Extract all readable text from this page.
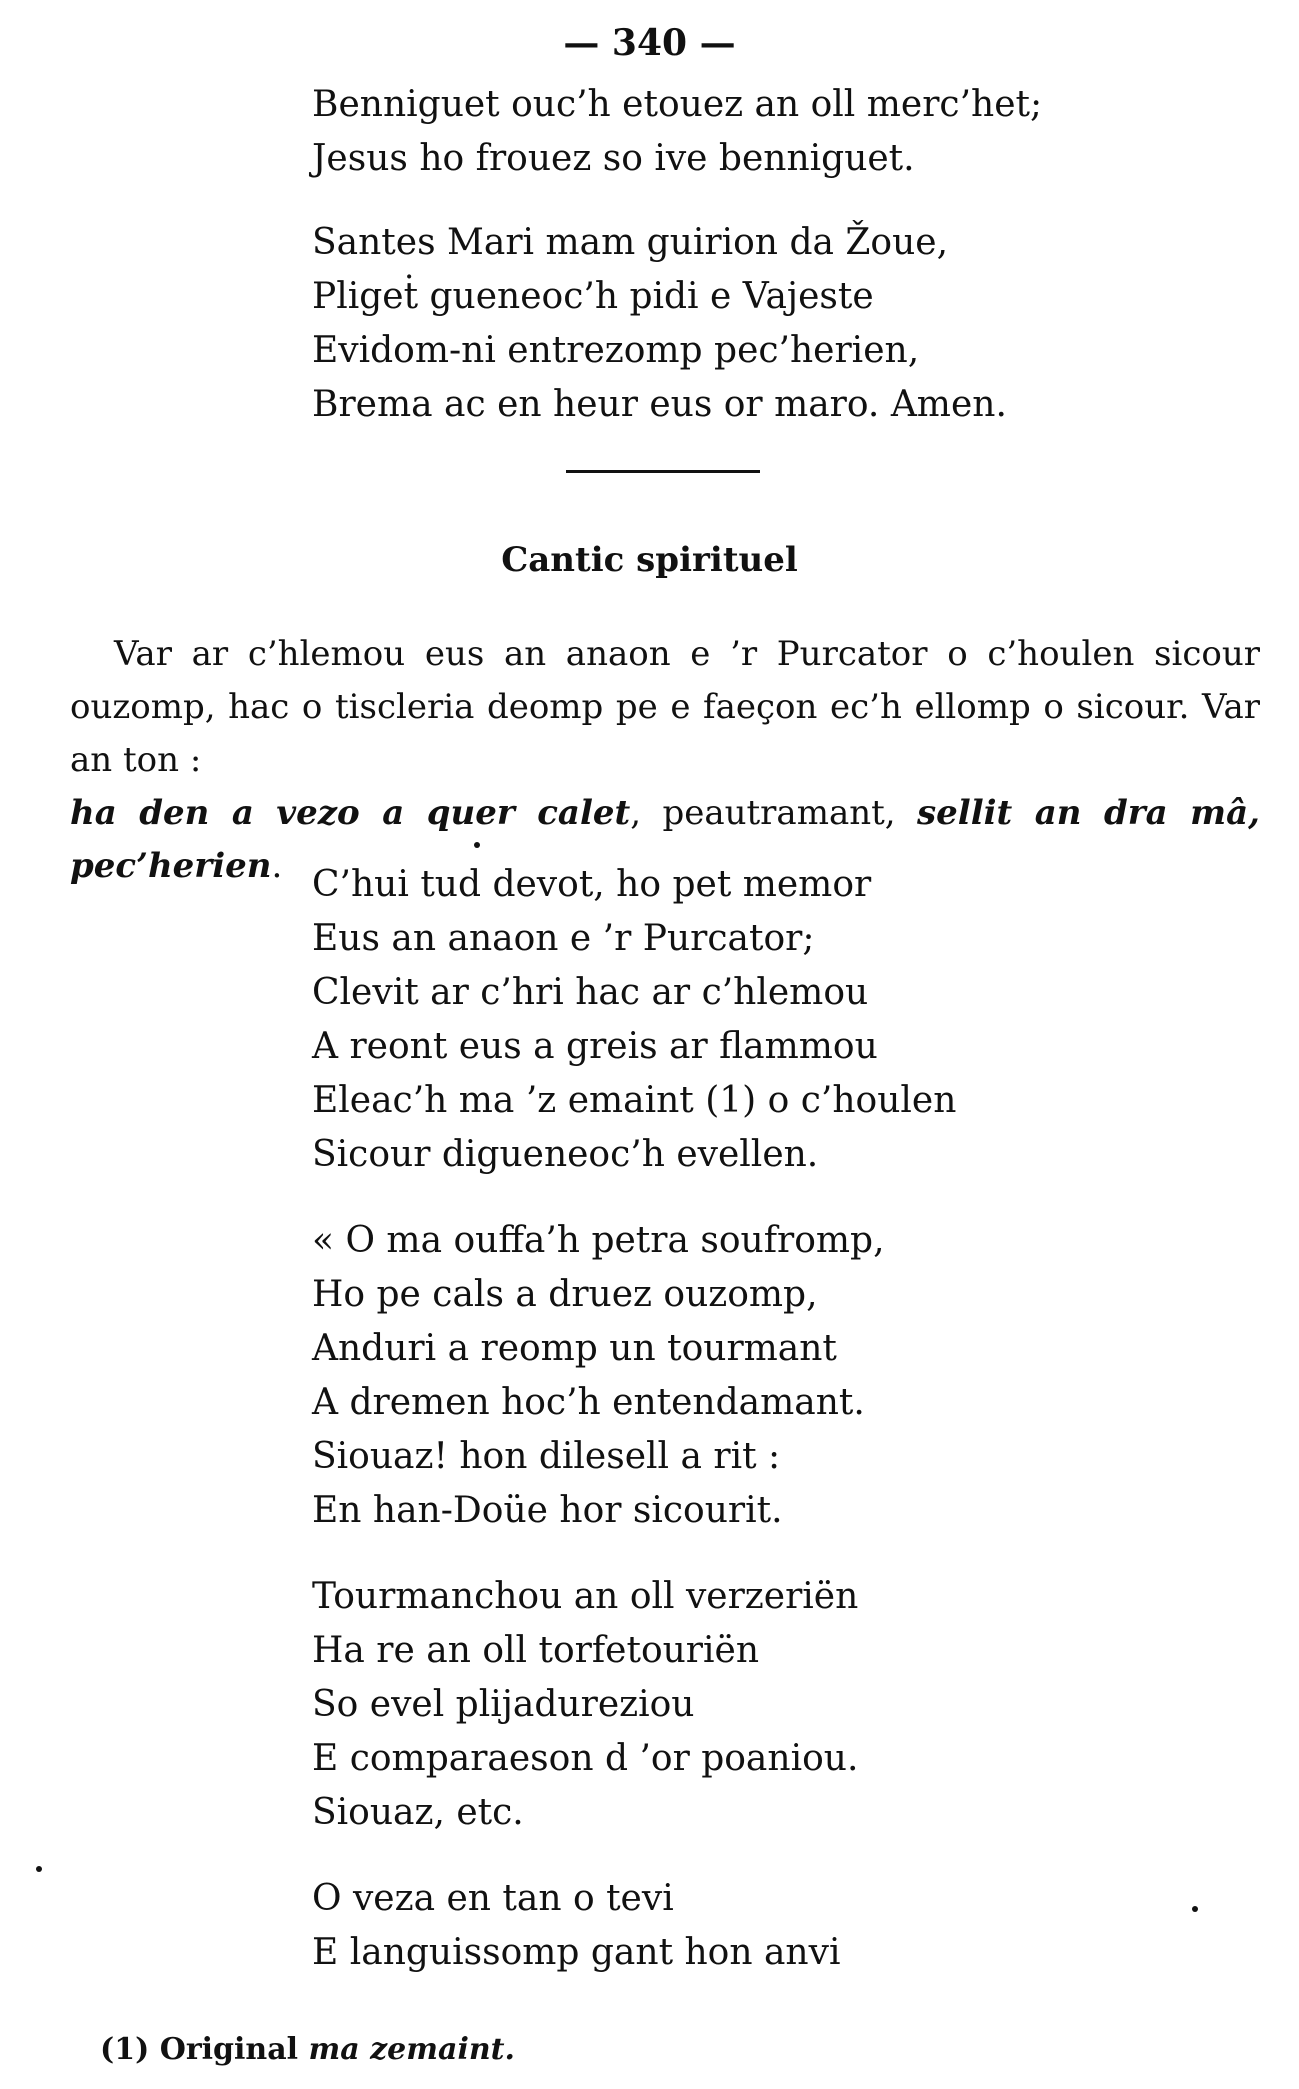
— 340 —
Benniguet ouc’h etouez an oll merc’het;
Jesus ho frouez so ive benniguet.
Santes Mari mam guirion da Žoue,
Pligeṫ gueneoc’h pidi e Vajeste
Evidom-ni entrezomp pec’herien,
Brema ac en heur eus or maro. Amen.
Cantic spirituel
Var ar c’hlemou eus an anaon e ’r Purcator o c’houlen sicour ouzomp, hac o tiscleria deomp pe e faeçon ec’h ellomp o sicour. Var an ton :ha den a vezo a quer calet, peautramant, sellit an dra mâ, pec’herien. C’hui tud devot, ho pet memor
Eus an anaon e ’r Purcator;
Clevit ar c’hri hac ar c’hlemou
A reont eus a greis ar flammou
Eleac’h ma ’z emaint (1) o c’houlen
Sicour digueneoc’h evellen.
« O ma ouffa’h petra soufromp,
Ho pe cals a druez ouzomp,
Anduri a reomp un tourmant
A dremen hoc’h entendamant.
Siouaz! hon dilesell a rit :
En han-Doüe hor sicourit.
Tourmanchou an oll verzeriën
Ha re an oll torfetouriën
So evel plijadureziou
E comparaeson d ’or poaniou.
Siouaz, etc.
O veza en tan o tevi
E languissomp gant hon anvi
(1) Original ma zemaint.
